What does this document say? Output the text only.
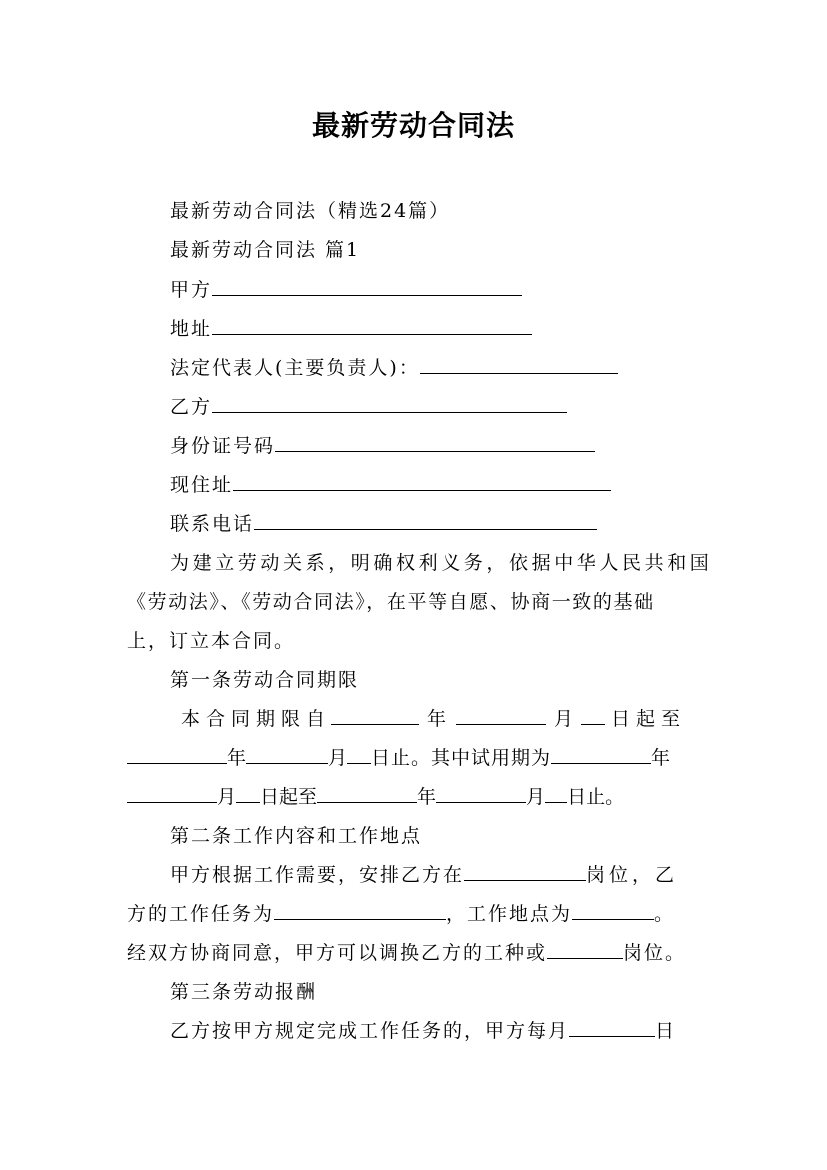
最新劳动合同法
最新劳动合同法（精选24篇）
最新劳动合同法 篇1
甲方
地址
法定代表人(主要负责人)：
乙方
身份证号码
现住址
联系电话
为建立劳动关系，明确权利义务，依据中华人民共和国
《劳动法》、《劳动合同法》，在平等自愿、协商一致的基础
上，订立本合同。
第一条劳动合同期限
本合同期限自	年	月 日起至
年	月 日止。其中试用期为	年
月 日起至	年	月 日止。
第二条工作内容和工作地点
甲方根据工作需要，安排乙方在	岗位，乙
方的工作任务为	，工作地点为	。
经双方协商同意，甲方可以调换乙方的工种或	岗位。
第三条劳动报酬
乙方按甲方规定完成工作任务的，甲方每月	日
